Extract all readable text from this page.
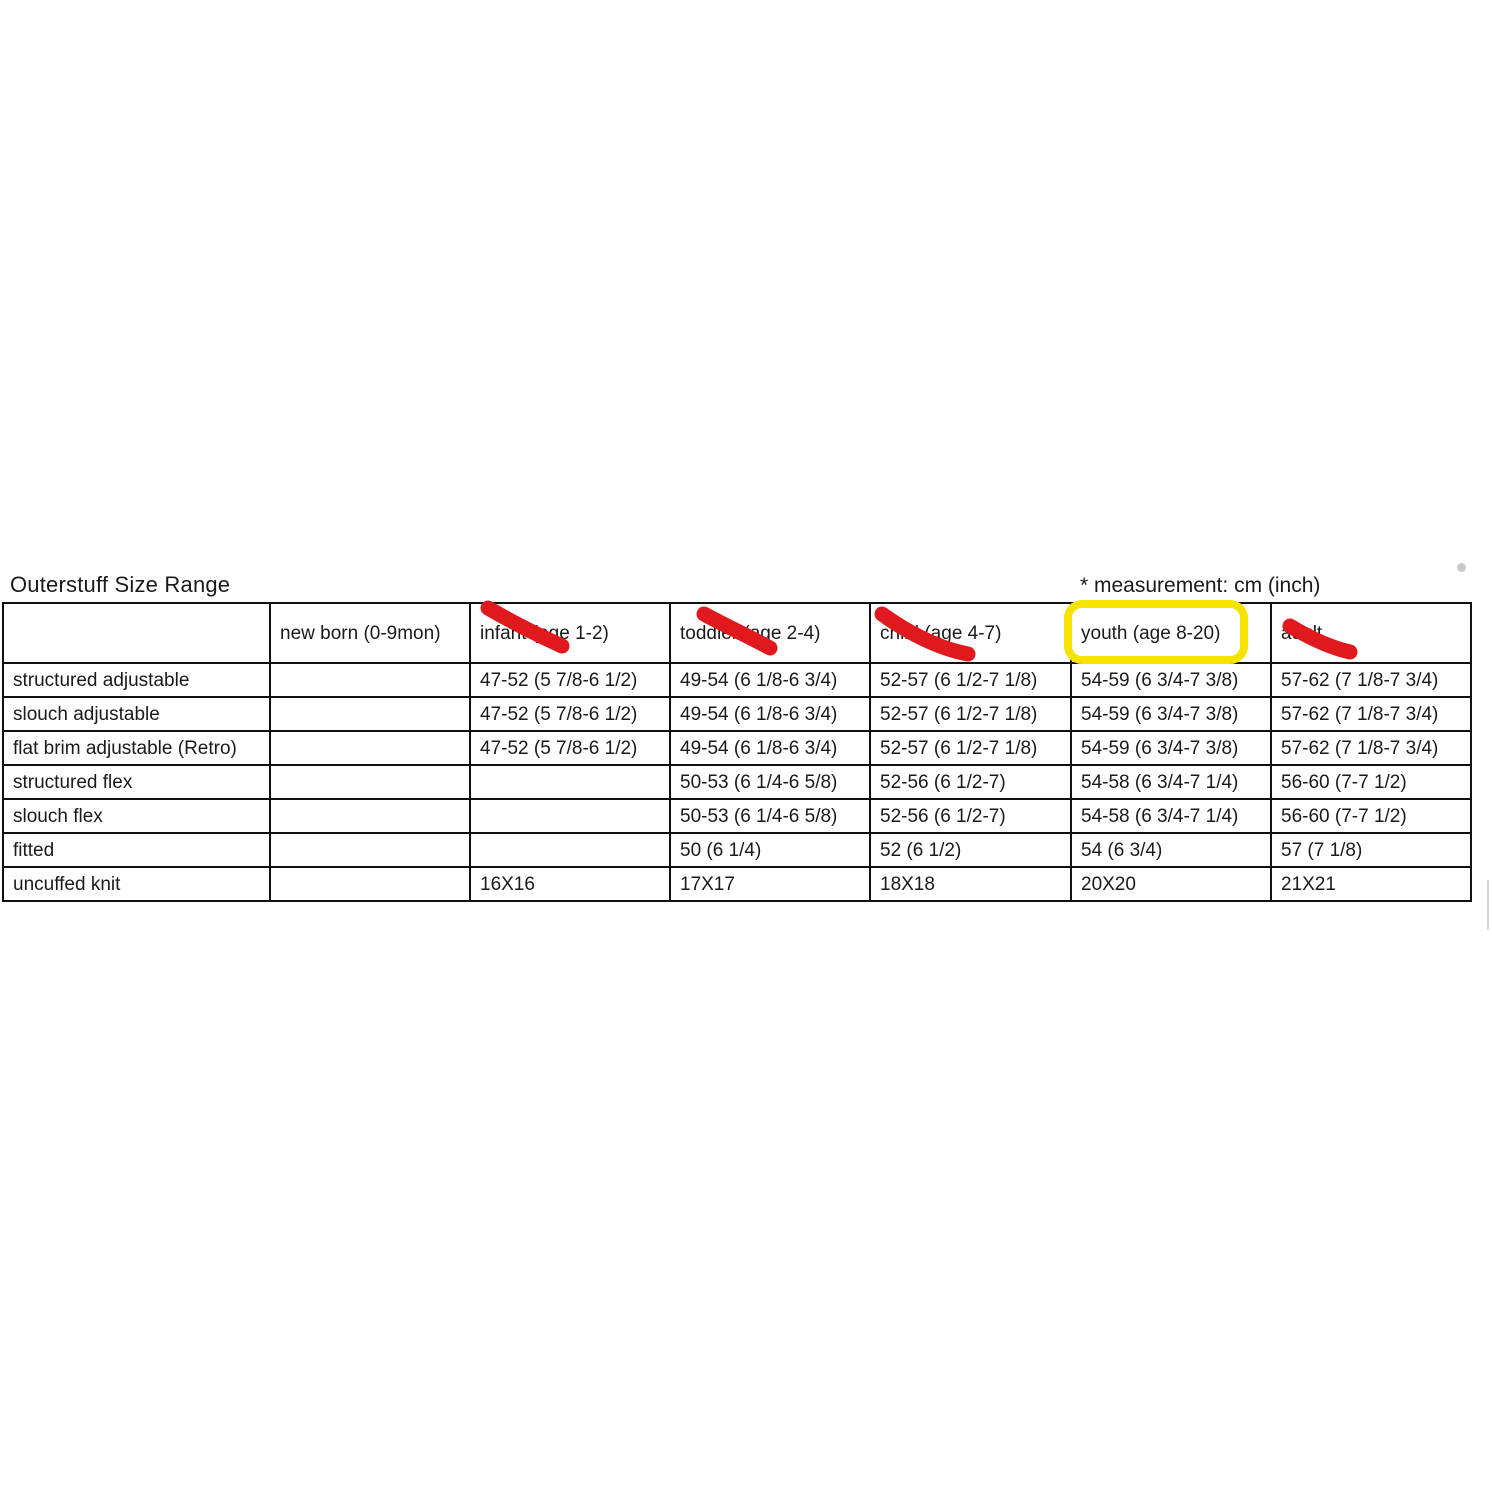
Outerstuff Size Range	* measurement: cm (inch)
	new born (0-9mon)	infant (age 1-2)	toddler (age 2-4)	child (age 4-7)	youth (age 8-20)	adult
structured adjustable		47-52 (5 7/8-6 1/2)	49-54 (6 1/8-6 3/4)	52-57 (6 1/2-7 1/8)	54-59 (6 3/4-7 3/8)	57-62 (7 1/8-7 3/4)
slouch adjustable		47-52 (5 7/8-6 1/2)	49-54 (6 1/8-6 3/4)	52-57 (6 1/2-7 1/8)	54-59 (6 3/4-7 3/8)	57-62 (7 1/8-7 3/4)
flat brim adjustable (Retro)		47-52 (5 7/8-6 1/2)	49-54 (6 1/8-6 3/4)	52-57 (6 1/2-7 1/8)	54-59 (6 3/4-7 3/8)	57-62 (7 1/8-7 3/4)
structured flex			50-53 (6 1/4-6 5/8)	52-56 (6 1/2-7)	54-58 (6 3/4-7 1/4)	56-60 (7-7 1/2)
slouch flex			50-53 (6 1/4-6 5/8)	52-56 (6 1/2-7)	54-58 (6 3/4-7 1/4)	56-60 (7-7 1/2)
fitted			50 (6 1/4)	52 (6 1/2)	54 (6 3/4)	57 (7 1/8)
uncuffed knit		16X16	17X17	18X18	20X20	21X21
